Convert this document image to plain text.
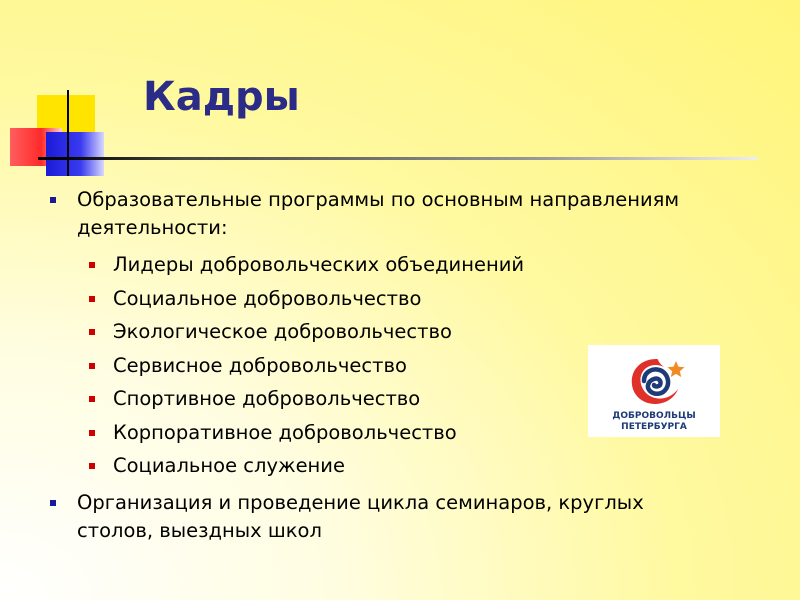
Кадры
Образовательные программы по основным направлениям деятельности:
Лидеры добровольческих объединений
Социальное добровольчество
Экологическое добровольчество
Сервисное добровольчество
Спортивное добровольчество
Корпоративное добровольчество
Социальное служение
Организация и проведение цикла семинаров, круглых столов, выездных школ
ДОБРОВОЛЬЦЫ
ПЕТЕРБУРГА
